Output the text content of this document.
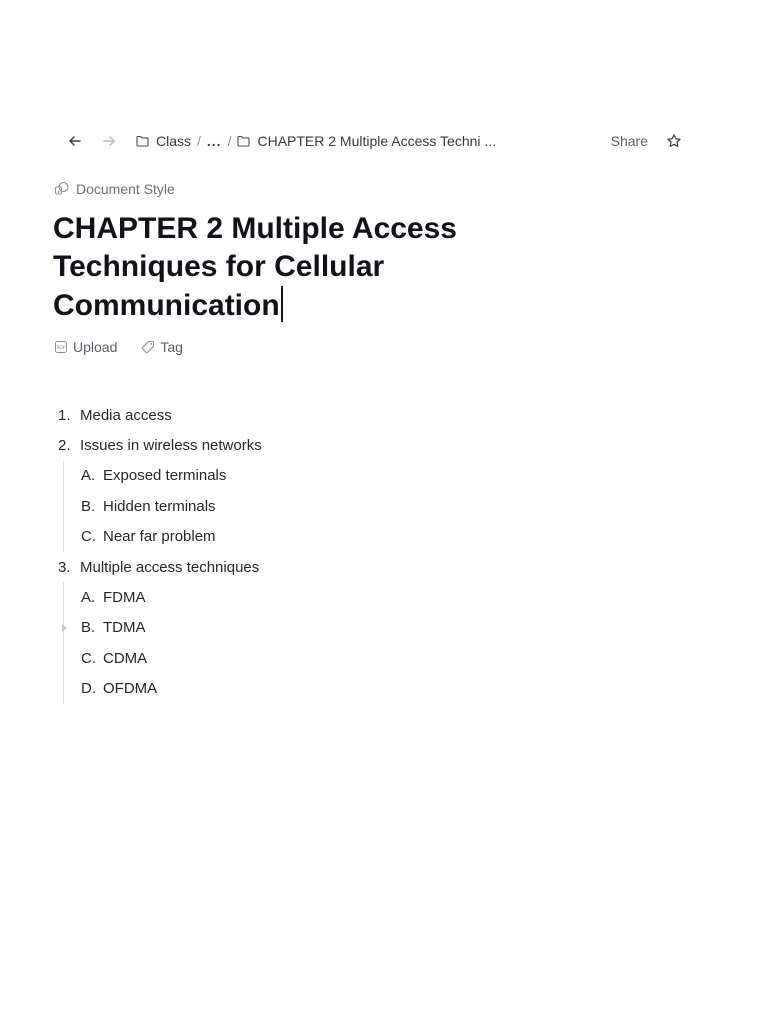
Class / ... / CHAPTER 2 Multiple Access Techni ...	Share
Document Style
CHAPTER 2 Multiple Access Techniques for Cellular Communication
PDF Upload	Tag
1. Media access
2. Issues in wireless networks
A. Exposed terminals
B. Hidden terminals
C. Near far problem
3. Multiple access techniques
A. FDMA
B. TDMA
C. CDMA
D. OFDMA
